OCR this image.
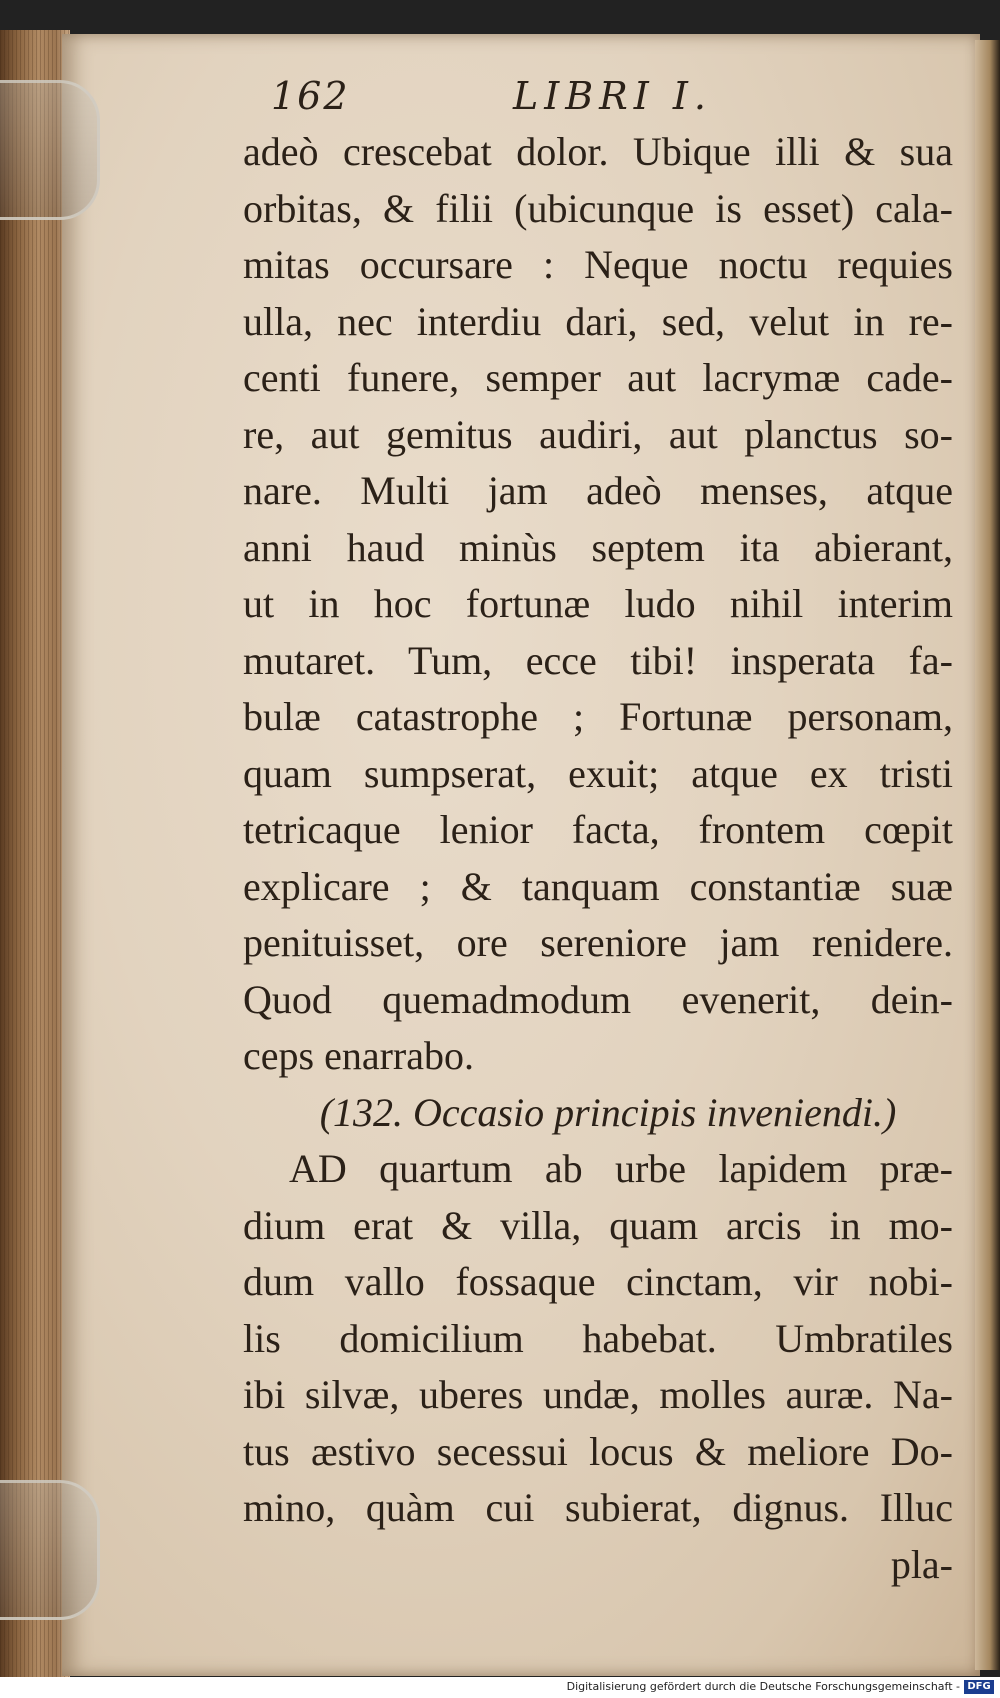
162	LIBRI I.
adeò crescebat dolor. Ubique illi & sua
orbitas, & filii (ubicunque is esset) cala-
mitas occursare : Neque noctu requies
ulla, nec interdiu dari, sed, velut in re-
centi funere, semper aut lacrymæ cade-
re, aut gemitus audiri, aut planctus so-
nare. Multi jam adeò menses, atque
anni haud minùs septem ita abierant,
ut in hoc fortunæ ludo nihil interim
mutaret. Tum, ecce tibi! insperata fa-
bulæ catastrophe ; Fortunæ personam,
quam sumpserat, exuit; atque ex tristi
tetricaque lenior facta, frontem cœpit
explicare ; & tanquam constantiæ suæ
penituisset, ore sereniore jam renidere.
Quod quemadmodum evenerit, dein-
ceps enarrabo.
(132. Occasio principis inveniendi.)
AD quartum ab urbe lapidem præ-
dium erat & villa, quam arcis in mo-
dum vallo fossaque cinctam, vir nobi-
lis domicilium habebat. Umbratiles
ibi silvæ, uberes undæ, molles auræ. Na-
tus æstivo secessui locus & meliore Do-
mino, quàm cui subierat, dignus. Illuc
pla-
Digitalisierung gefördert durch die Deutsche Forschungsgemeinschaft - DFG
